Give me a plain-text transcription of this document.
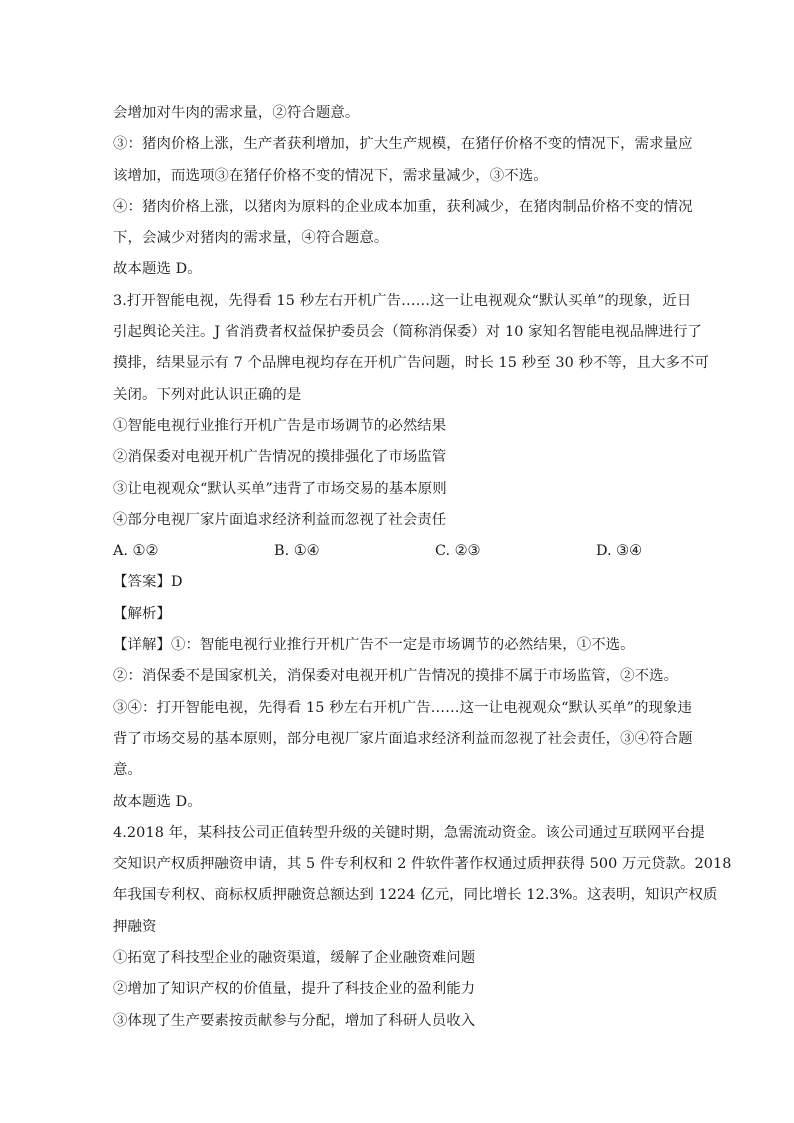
会增加对牛肉的需求量，②符合题意。
③：猪肉价格上涨，生产者获利增加，扩大生产规模，在猪仔价格不变的情况下，需求量应
该增加，而选项③在猪仔价格不变的情况下，需求量减少，③不选。
④：猪肉价格上涨，以猪肉为原料的企业成本加重，获利减少，在猪肉制品价格不变的情况
下，会减少对猪肉的需求量，④符合题意。
故本题选 D。
3.打开智能电视，先得看 15 秒左右开机广告……这一让电视观众“默认买单”的现象，近日
引起舆论关注。J 省消费者权益保护委员会（简称消保委）对 10 家知名智能电视品牌进行了
摸排，结果显示有 7 个品牌电视均存在开机广告问题，时长 15 秒至 30 秒不等，且大多不可
关闭。下列对此认识正确的是
①智能电视行业推行开机广告是市场调节的必然结果
②消保委对电视开机广告情况的摸排强化了市场监管
③让电视观众“默认买单”违背了市场交易的基本原则
④部分电视厂家片面追求经济利益而忽视了社会责任
A. ①②	B. ①④	C. ②③	D. ③④
【答案】D
【解析】
【详解】①：智能电视行业推行开机广告不一定是市场调节的必然结果，①不选。
②：消保委不是国家机关，消保委对电视开机广告情况的摸排不属于市场监管，②不选。
③④：打开智能电视，先得看 15 秒左右开机广告……这一让电视观众“默认买单”的现象违
背了市场交易的基本原则，部分电视厂家片面追求经济利益而忽视了社会责任，③④符合题
意。
故本题选 D。
4.2018 年，某科技公司正值转型升级的关键时期，急需流动资金。该公司通过互联网平台提
交知识产权质押融资申请，其 5 件专利权和 2 件软件著作权通过质押获得 500 万元贷款。2018
年我国专利权、商标权质押融资总额达到 1224 亿元，同比增长 12.3%。这表明，知识产权质
押融资
①拓宽了科技型企业的融资渠道，缓解了企业融资难问题
②增加了知识产权的价值量，提升了科技企业的盈利能力
③体现了生产要素按贡献参与分配，增加了科研人员收入
